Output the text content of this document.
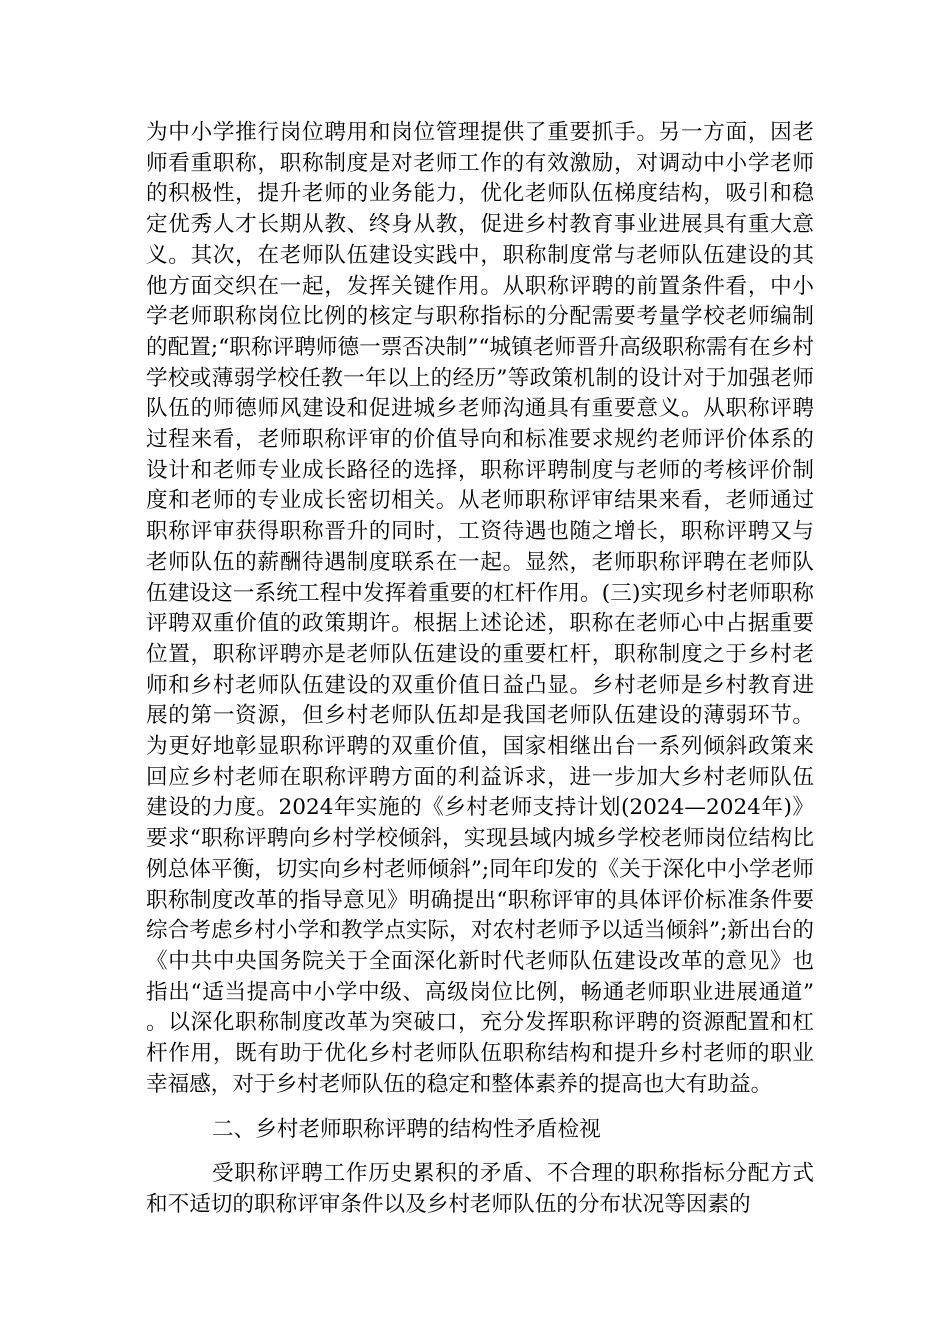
为中小学推行岗位聘用和岗位管理提供了重要抓手。另一方面，因老师看重职称，职称制度是对老师工作的有效激励，对调动中小学老师的积极性，提升老师的业务能力，优化老师队伍梯度结构，吸引和稳定优秀人才长期从教、终身从教，促进乡村教育事业进展具有重大意义。其次，在老师队伍建设实践中，职称制度常与老师队伍建设的其他方面交织在一起，发挥关键作用。从职称评聘的前置条件看，中小学老师职称岗位比例的核定与职称指标的分配需要考量学校老师编制的配置;“职称评聘师德一票否决制”“城镇老师晋升高级职称需有在乡村学校或薄弱学校任教一年以上的经历”等政策机制的设计对于加强老师队伍的师德师风建设和促进城乡老师沟通具有重要意义。从职称评聘过程来看，老师职称评审的价值导向和标准要求规约老师评价体系的设计和老师专业成长路径的选择，职称评聘制度与老师的考核评价制度和老师的专业成长密切相关。从老师职称评审结果来看，老师通过职称评审获得职称晋升的同时，工资待遇也随之增长，职称评聘又与老师队伍的薪酬待遇制度联系在一起。显然，老师职称评聘在老师队伍建设这一系统工程中发挥着重要的杠杆作用。(三)实现乡村老师职称评聘双重价值的政策期许。根据上述论述，职称在老师心中占据重要位置，职称评聘亦是老师队伍建设的重要杠杆，职称制度之于乡村老师和乡村老师队伍建设的双重价值日益凸显。乡村老师是乡村教育进展的第一资源，但乡村老师队伍却是我国老师队伍建设的薄弱环节。为更好地彰显职称评聘的双重价值，国家相继出台一系列倾斜政策来回应乡村老师在职称评聘方面的利益诉求，进一步加大乡村老师队伍建设的力度。2024年实施的《乡村老师支持计划(2024—2024年)》要求“职称评聘向乡村学校倾斜，实现县域内城乡学校老师岗位结构比例总体平衡，切实向乡村老师倾斜”;同年印发的《关于深化中小学老师职称制度改革的指导意见》明确提出“职称评审的具体评价标准条件要综合考虑乡村小学和教学点实际，对农村老师予以适当倾斜”;新出台的《中共中央国务院关于全面深化新时代老师队伍建设改革的意见》也指出“适当提高中小学中级、高级岗位比例，畅通老师职业进展通道”。以深化职称制度改革为突破口，充分发挥职称评聘的资源配置和杠杆作用，既有助于优化乡村老师队伍职称结构和提升乡村老师的职业幸福感，对于乡村老师队伍的稳定和整体素养的提高也大有助益。

二、乡村老师职称评聘的结构性矛盾检视

受职称评聘工作历史累积的矛盾、不合理的职称指标分配方式和不适切的职称评审条件以及乡村老师队伍的分布状况等因素的
